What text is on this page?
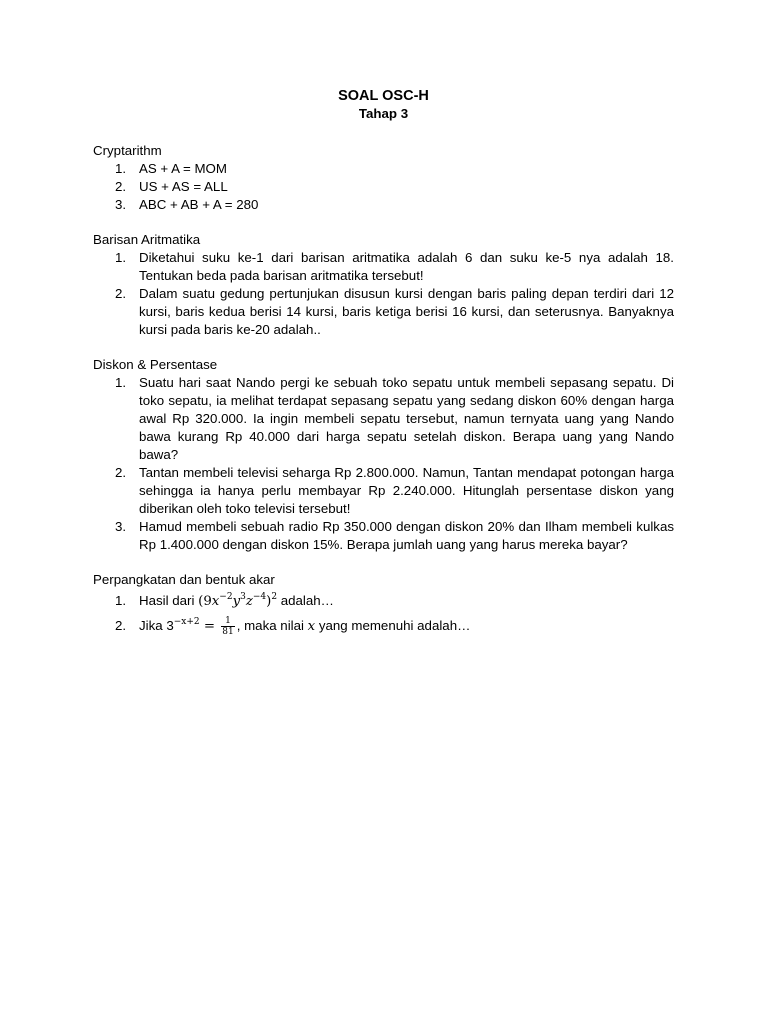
SOAL OSC-H

Tahap 3

Cryptarithm

1. AS + A = MOM
2. US + AS = ALL
3. ABC + AB + A = 280

Barisan Aritmatika

1. Diketahui suku ke-1 dari barisan aritmatika adalah 6 dan suku ke-5 nya adalah 18. Tentukan beda pada barisan aritmatika tersebut!
2. Dalam suatu gedung pertunjukan disusun kursi dengan baris paling depan terdiri dari 12 kursi, baris kedua berisi 14 kursi, baris ketiga berisi 16 kursi, dan seterusnya. Banyaknya kursi pada baris ke-20 adalah..

Diskon & Persentase

1. Suatu hari saat Nando pergi ke sebuah toko sepatu untuk membeli sepasang sepatu. Di toko sepatu, ia melihat terdapat sepasang sepatu yang sedang diskon 60% dengan harga awal Rp 320.000. Ia ingin membeli sepatu tersebut, namun ternyata uang yang Nando bawa kurang Rp 40.000 dari harga sepatu setelah diskon. Berapa uang yang Nando bawa?
2. Tantan membeli televisi seharga Rp 2.800.000. Namun, Tantan mendapat potongan harga sehingga ia hanya perlu membayar Rp 2.240.000. Hitunglah persentase diskon yang diberikan oleh toko televisi tersebut!
3. Hamud membeli sebuah radio Rp 350.000 dengan diskon 20% dan Ilham membeli kulkas Rp 1.400.000 dengan diskon 15%. Berapa jumlah uang yang harus mereka bayar?

Perpangkatan dan bentuk akar

1. Hasil dari $(9x^{-2}y^3z^{-4})^2$ adalah…
2. Jika $3^{-x+2} = \frac{1}{81}$ , maka nilai x yang memenuhi adalah…
